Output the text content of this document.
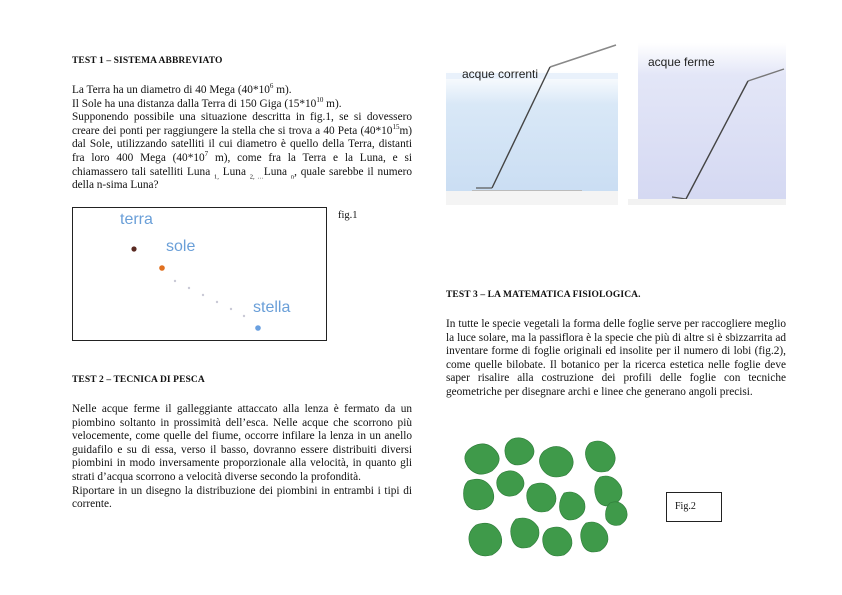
TEST 1 – SISTEMA ABBREVIATO
La Terra ha un diametro di 40 Mega ($40*10^6$ m).
Il Sole ha una distanza dalla Terra di 150 Giga ($15*10^{10}$ m).
Supponendo possibile una situazione descritta in fig.1, se si dovessero creare dei ponti per raggiungere la stella che si trova a 40 Peta $(40*10^{15}m)$ dal Sole, utilizzando satelliti il cui diametro è quello della Terra, distanti fra loro 400 Mega ($40*10^7$ m), come fra la Terra e la Luna, e si chiamassero tali satelliti Luna $_{1,}$ Luna $_{2, \dots}$Luna $_n$, quale sarebbe il numero della n-sima Luna?
terra
sole
stella
fig.1
TEST 2 – TECNICA DI PESCA
Nelle acque ferme il galleggiante attaccato alla lenza è fermato da un piombino soltanto in prossimità dell’esca. Nelle acque che scorrono più velocemente, come quelle del fiume, occorre infilare la lenza in un anello guidafilo e su di essa, verso il basso, dovranno essere distribuiti diversi piombini in modo inversamente proporzionale alla velocità, in quanto gli strati d’acqua scorrono a velocità diverse secondo la profondità.
Riportare in un disegno la distribuzione dei piombini in entrambi i tipi di corrente.
acque correnti
acque ferme
TEST 3 – LA MATEMATICA FISIOLOGICA.
In tutte le specie vegetali la forma delle foglie serve per raccogliere meglio la luce solare, ma la passiflora è la specie che più di altre si è sbizzarrita ad inventare forme di foglie originali ed insolite per il numero di lobi (fig.2), come quelle bilobate. Il botanico per la ricerca estetica nelle foglie deve saper risalire alla costruzione dei profili delle foglie con tecniche geometriche per disegnare archi e linee che generano angoli precisi.
Fig.2
